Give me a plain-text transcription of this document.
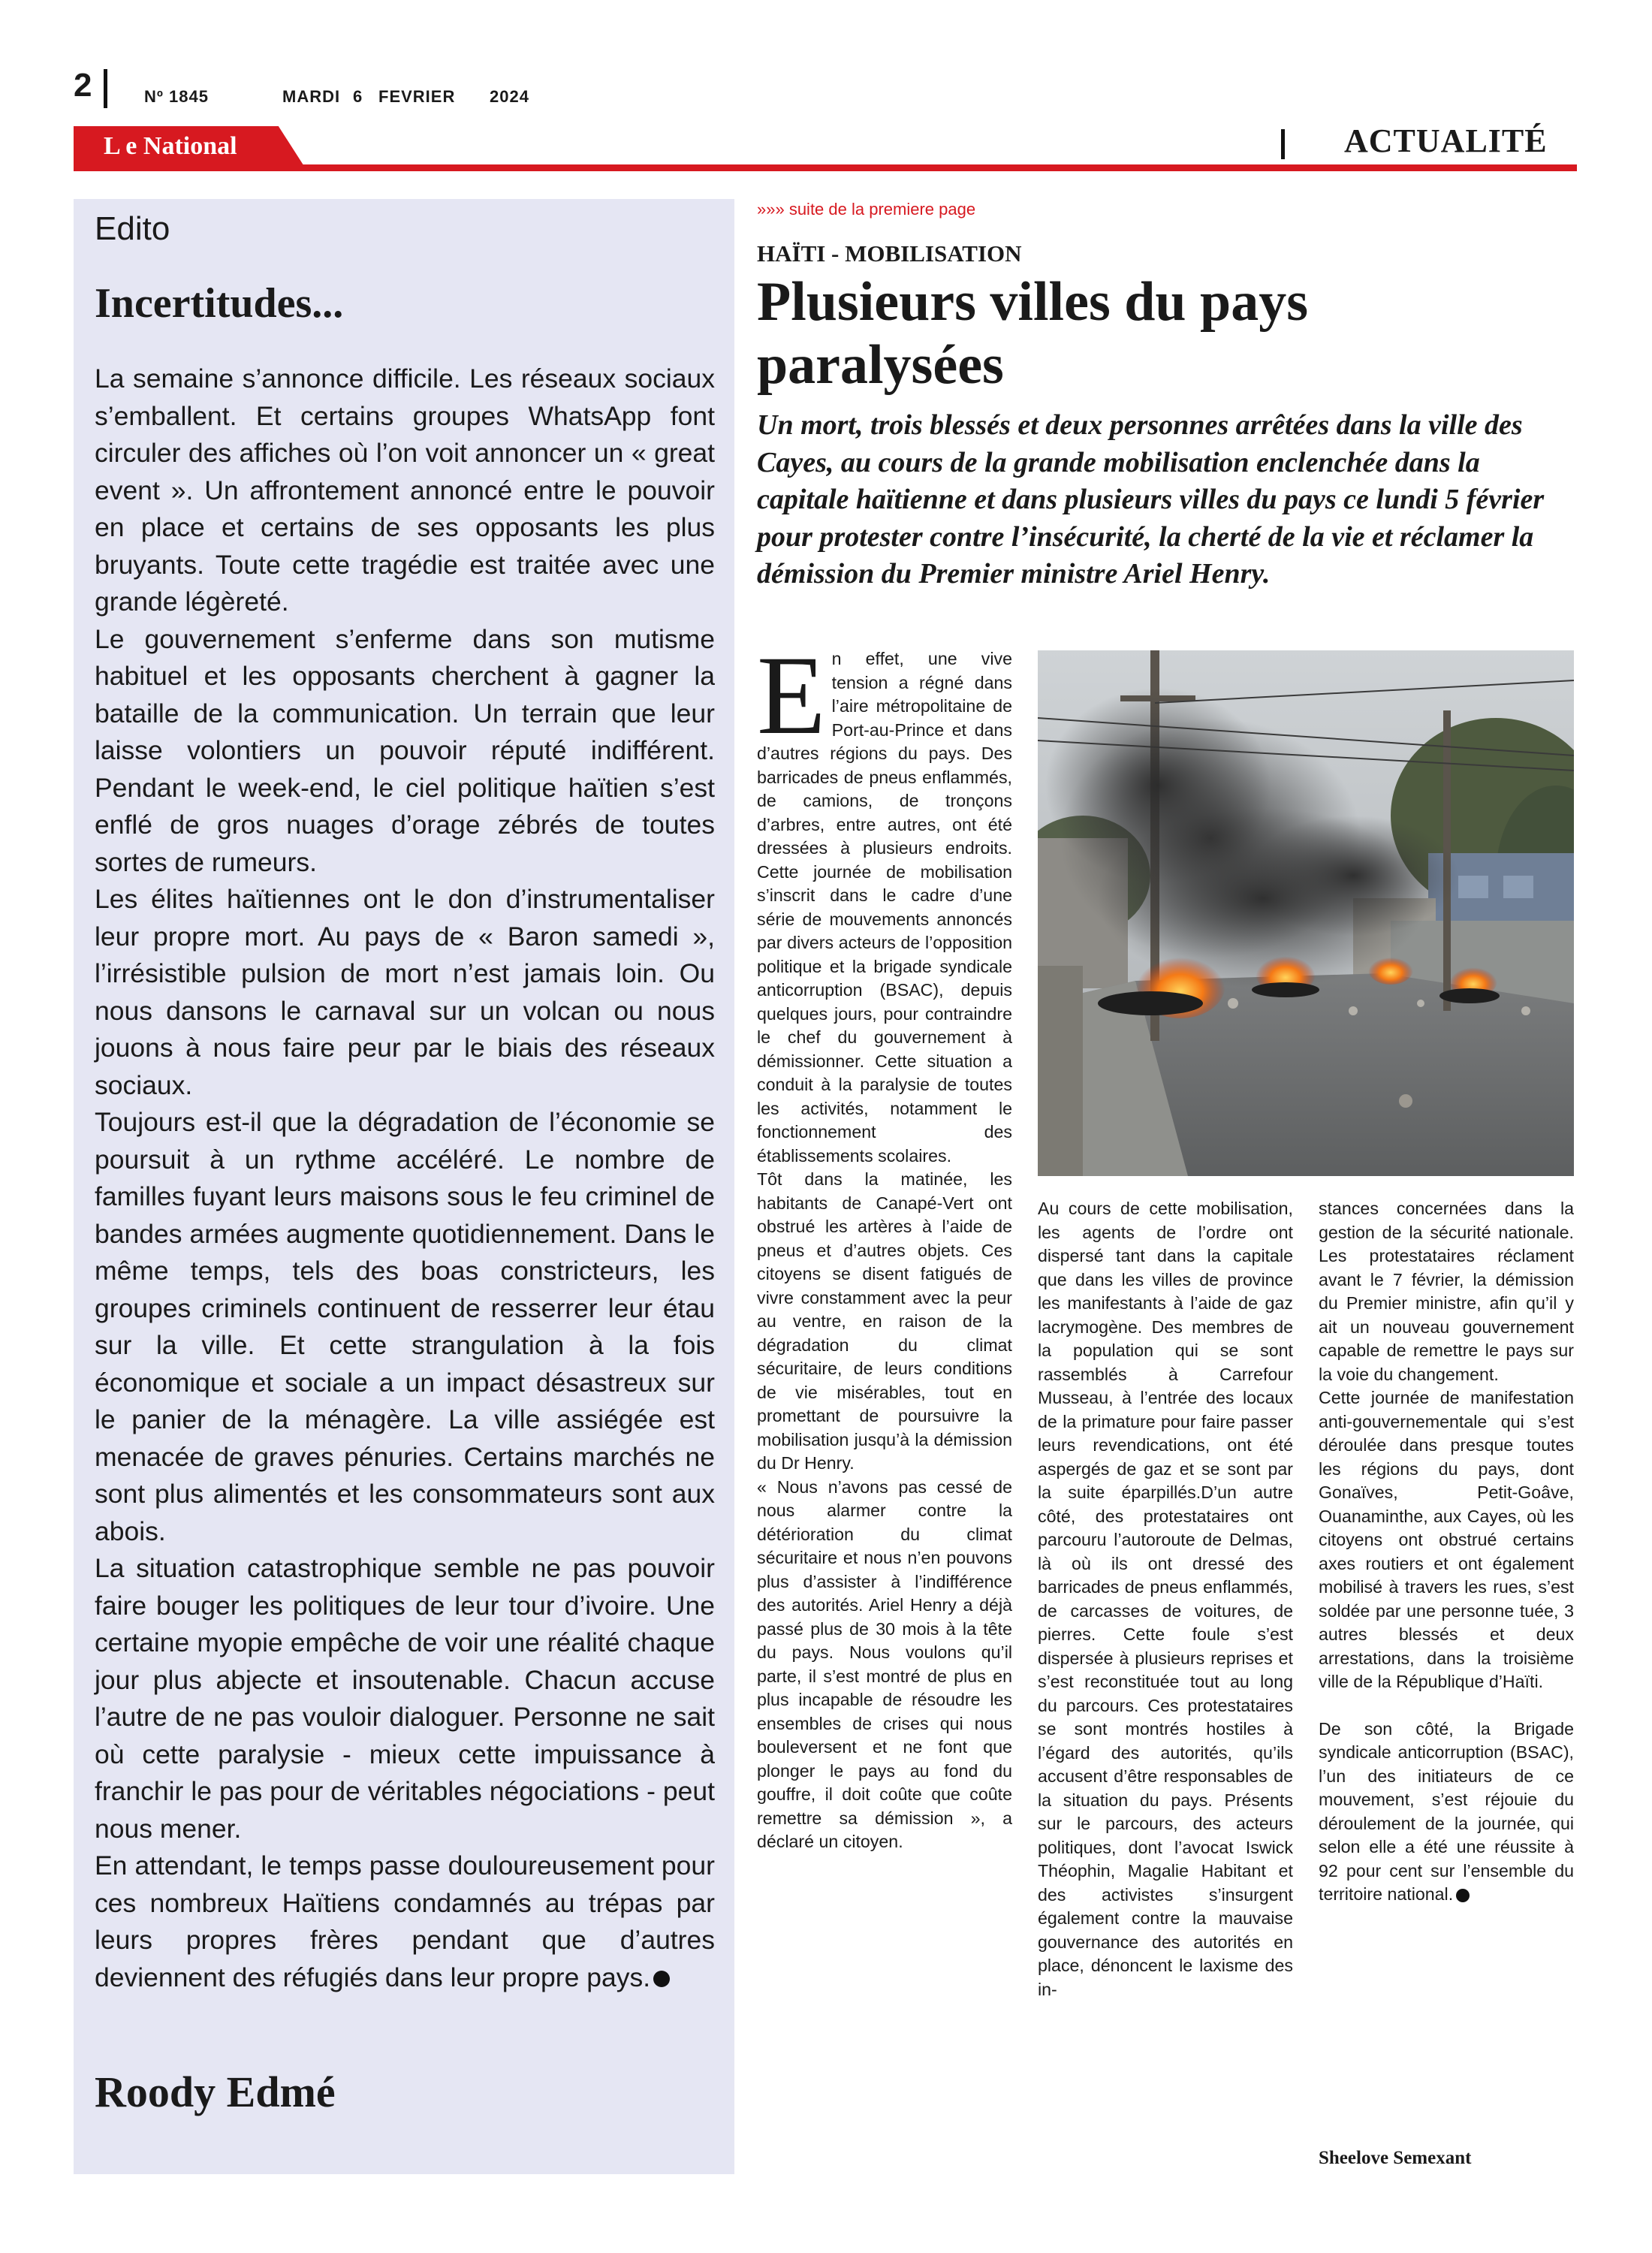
2	Nº 1845	MARDI 6 FEVRIER 2024
L e National	ACTUALITÉ
Edito
Incertitudes...

La semaine s’annonce difficile. Les réseaux sociaux s’emballent. Et certains groupes WhatsApp font circuler des affiches où l’on voit annoncer un « great event ». Un affrontement annoncé entre le pouvoir en place et certains de ses opposants les plus bruyants. Toute cette tragédie est traitée avec une grande légèreté.

Le gouvernement s’enferme dans son mutisme habituel et les opposants cherchent à gagner la bataille de la communication. Un terrain que leur laisse volontiers un pouvoir réputé indifférent. Pendant le week-end, le ciel politique haïtien s’est enflé de gros nuages d’orage zébrés de toutes sortes de rumeurs.

Les élites haïtiennes ont le don d’instrumentaliser leur propre mort. Au pays de « Baron samedi », l’irrésistible pulsion de mort n’est jamais loin. Ou nous dansons le carnaval sur un volcan ou nous jouons à nous faire peur par le biais des réseaux sociaux.

Toujours est-il que la dégradation de l’économie se poursuit à un rythme accéléré. Le nombre de familles fuyant leurs maisons sous le feu criminel de bandes armées augmente quotidiennement. Dans le même temps, tels des boas constricteurs, les groupes criminels continuent de resserrer leur étau sur la ville. Et cette strangulation à la fois économique et sociale a un impact désastreux sur le panier de la ménagère. La ville assiégée est menacée de graves pénuries. Certains marchés ne sont plus alimentés et les consommateurs sont aux abois.

La situation catastrophique semble ne pas pouvoir faire bouger les politiques de leur tour d’ivoire. Une certaine myopie empêche de voir une réalité chaque jour plus abjecte et insoutenable. Chacun accuse l’autre de ne pas vouloir dialoguer. Personne ne sait où cette paralysie - mieux cette impuissance à franchir le pas pour de véritables négociations - peut nous mener.

En attendant, le temps passe douloureusement pour ces nombreux Haïtiens condamnés au trépas par leurs propres frères pendant que d’autres deviennent des réfugiés dans leur propre pays.

Roody Edmé
»»» suite de la premiere page
HAÏTI - MOBILISATION
Plusieurs villes du pays paralysées
Un mort, trois blessés et deux personnes arrêtées dans la ville des Cayes, au cours de la grande mobilisation enclenchée dans la capitale haïtienne et dans plusieurs villes du pays ce lundi 5 février pour protester contre l’insécurité, la cherté de la vie et réclamer la démission du Premier ministre Ariel Henry.
E n effet, une vive tension a régné dans l’aire métropolitaine de Port-au-Prince et dans d’autres régions du pays. Des barricades de pneus enflammés, de camions, de tronçons d’arbres, entre autres, ont été dressées à plusieurs endroits. Cette journée de mobilisation s’inscrit dans le cadre d’une série de mouvements annoncés par divers acteurs de l’opposition politique et la brigade syndicale anticorruption (BSAC), depuis quelques jours, pour contraindre le chef du gouvernement à démissionner. Cette situation a conduit à la paralysie de toutes les activités, notamment le fonctionnement des établissements scolaires.

Tôt dans la matinée, les habitants de Canapé-Vert ont obstrué les artères à l’aide de pneus et d’autres objets. Ces citoyens se disent fatigués de vivre constamment avec la peur au ventre, en raison de la dégradation du climat sécuritaire, de leurs conditions de vie misérables, tout en promettant de poursuivre la mobilisation jusqu’à la démission du Dr Henry.

« Nous n’avons pas cessé de nous alarmer contre la détérioration du climat sécuritaire et nous n’en pouvons plus d’assister à l’indifférence des autorités. Ariel Henry a déjà passé plus de 30 mois à la tête du pays. Nous voulons qu’il parte, il s’est montré de plus en plus incapable de résoudre les ensembles de crises qui nous bouleversent et ne font que plonger le pays au fond du gouffre, il doit coûte que coûte remettre sa démission », a déclaré un citoyen.

Au cours de cette mobilisation, les agents de l’ordre ont dispersé tant dans la capitale que dans les villes de province les manifestants à l’aide de gaz lacrymogène. Des membres de la population qui se sont rassemblés à Carrefour Musseau, à l’entrée des locaux de la primature pour faire passer leurs revendications, ont été aspergés de gaz et se sont par la suite éparpillés.D’un autre côté, des protestataires ont parcouru l’autoroute de Delmas, là où ils ont dressé des barricades de pneus enflammés, de carcasses de voitures, de pierres. Cette foule s’est dispersée à plusieurs reprises et s’est reconstituée tout au long du parcours. Ces protestataires se sont montrés hostiles à l’égard des autorités, qu’ils accusent d’être responsables de la situation du pays. Présents sur le parcours, des acteurs politiques, dont l’avocat Iswick Théophin, Magalie Habitant et des activistes s’insurgent également contre la mauvaise gouvernance des autorités en place, dénoncent le laxisme des in-

stances concernées dans la gestion de la sécurité nationale. Les protestataires réclament avant le 7 février, la démission du Premier ministre, afin qu’il y ait un nouveau gouvernement capable de remettre le pays sur la voie du changement.

Cette journée de manifestation anti-gouvernementale qui s’est déroulée dans presque toutes les régions du pays, dont Gonaïves, Petit-Goâve, Ouanaminthe, aux Cayes, où les citoyens ont obstrué certains axes routiers et ont également mobilisé à travers les rues, s’est soldée par une personne tuée, 3 autres blessés et deux arrestations, dans la troisième ville de la République d’Haïti.

De son côté, la Brigade syndicale anticorruption (BSAC), l’un des initiateurs de ce mouvement, s’est réjouie du déroulement de la journée, qui selon elle a été une réussite à 92 pour cent sur l’ensemble du territoire national.

Sheelove Semexant
